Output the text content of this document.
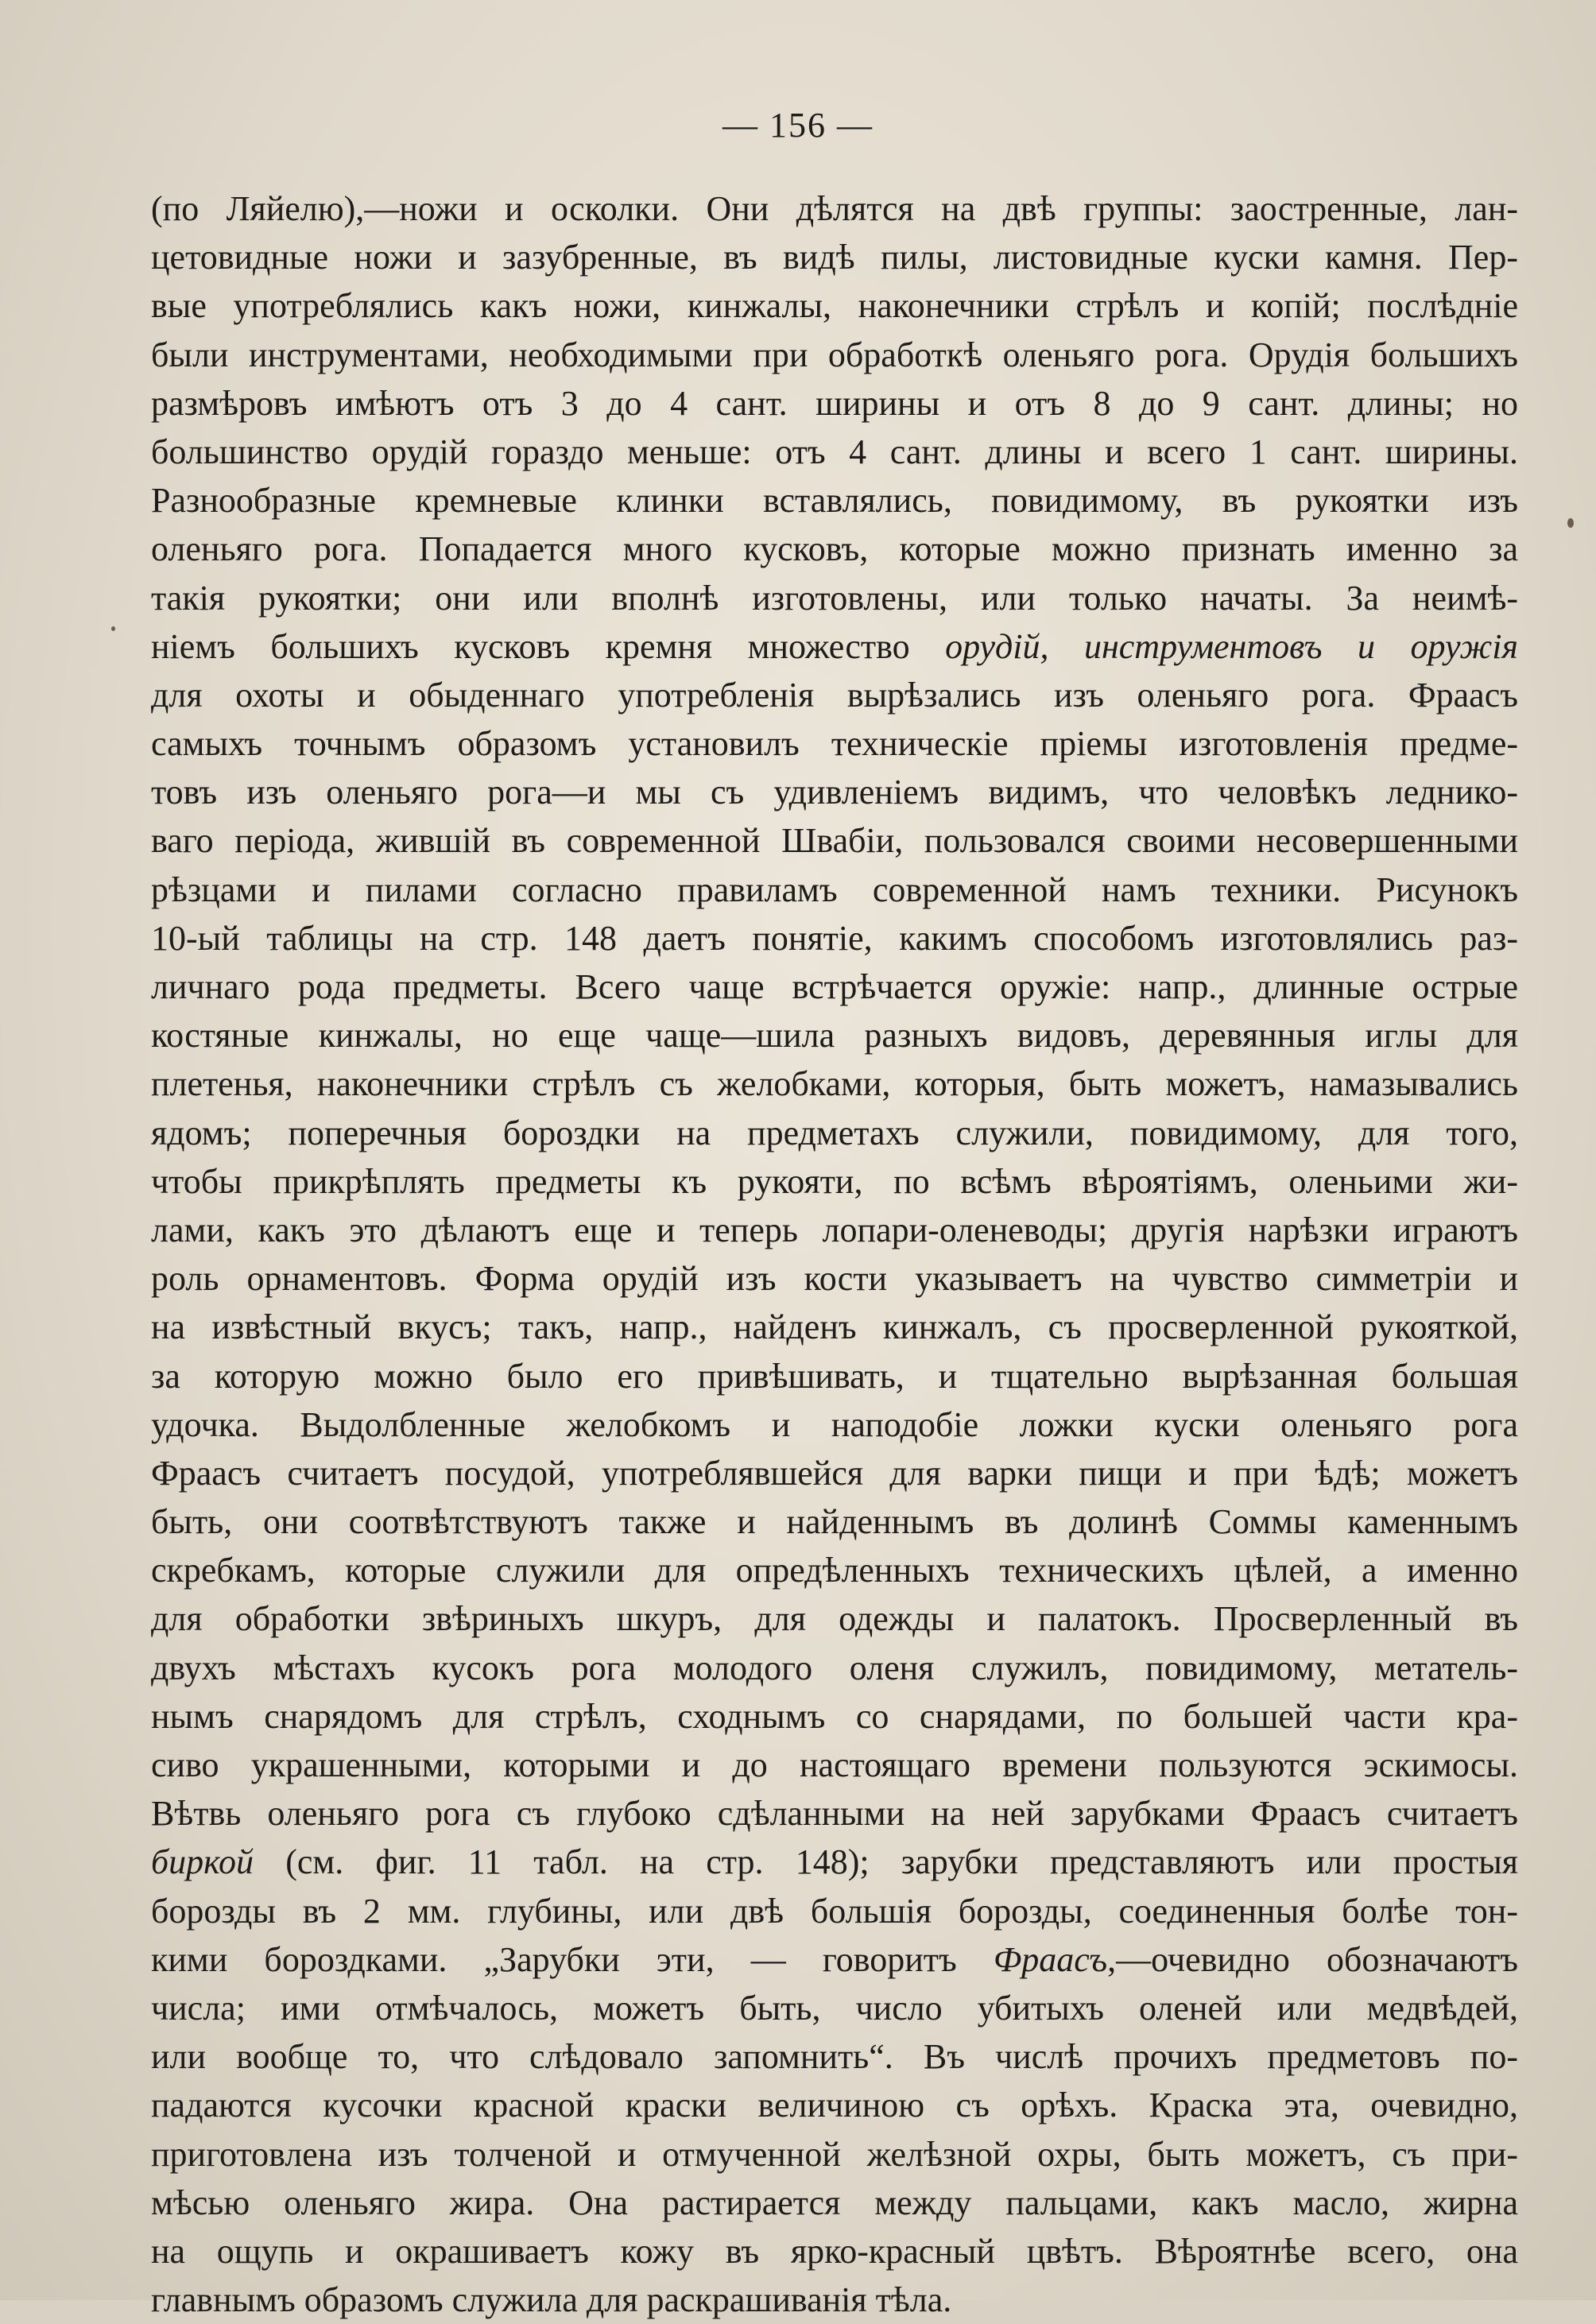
— 156 —
(по Ляйелю),—ножи и осколки. Они дѣлятся на двѣ группы: заостренные, лан-
цетовидные ножи и зазубренные, въ видѣ пилы, листовидные куски камня. Пер-
вые употреблялись какъ ножи, кинжалы, наконечники стрѣлъ и копій; послѣдніе
были инструментами, необходимыми при обработкѣ оленьяго рога. Орудія большихъ
размѣровъ имѣютъ отъ 3 до 4 сант. ширины и отъ 8 до 9 сант. длины; но
большинство орудій гораздо меньше: отъ 4 сант. длины и всего 1 сант. ширины.
Разнообразные кремневые клинки вставлялись, повидимому, въ рукоятки изъ
оленьяго рога. Попадается много кусковъ, которые можно признать именно за
такія рукоятки; они или вполнѣ изготовлены, или только начаты. За неимѣ-
ніемъ большихъ кусковъ кремня множество орудій, инструментовъ и оружія
для охоты и обыденнаго употребленія вырѣзались изъ оленьяго рога. Фраасъ
самыхъ точнымъ образомъ установилъ техническіе пріемы изготовленія предме-
товъ изъ оленьяго рога—и мы съ удивленіемъ видимъ, что человѣкъ леднико-
ваго періода, жившій въ современной Швабіи, пользовался своими несовершенными
рѣзцами и пилами согласно правиламъ современной намъ техники. Рисунокъ
10-ый таблицы на стр. 148 даетъ понятіе, какимъ способомъ изготовлялись раз-
личнаго рода предметы. Всего чаще встрѣчается оружіе: напр., длинные острые
костяные кинжалы, но еще чаще—шила разныхъ видовъ, деревянныя иглы для
плетенья, наконечники стрѣлъ съ желобками, которыя, быть можетъ, намазывались
ядомъ; поперечныя бороздки на предметахъ служили, повидимому, для того,
чтобы прикрѣплять предметы къ рукояти, по всѣмъ вѣроятіямъ, оленьими жи-
лами, какъ это дѣлаютъ еще и теперь лопари-оленеводы; другія нарѣзки играютъ
роль орнаментовъ. Форма орудій изъ кости указываетъ на чувство симметріи и
на извѣстный вкусъ; такъ, напр., найденъ кинжалъ, съ просверленной рукояткой,
за которую можно было его привѣшивать, и тщательно вырѣзанная большая
удочка. Выдолбленные желобкомъ и наподобіе ложки куски оленьяго рога
Фраасъ считаетъ посудой, употреблявшейся для варки пищи и при ѣдѣ; можетъ
быть, они соотвѣтствуютъ также и найденнымъ въ долинѣ Соммы каменнымъ
скребкамъ, которые служили для опредѣленныхъ техническихъ цѣлей, а именно
для обработки звѣриныхъ шкуръ, для одежды и палатокъ. Просверленный въ
двухъ мѣстахъ кусокъ рога молодого оленя служилъ, повидимому, метатель-
нымъ снарядомъ для стрѣлъ, сходнымъ со снарядами, по большей части кра-
сиво украшенными, которыми и до настоящаго времени пользуются эскимосы.
Вѣтвь оленьяго рога съ глубоко сдѣланными на ней зарубками Фраасъ считаетъ
биркой (см. фиг. 11 табл. на стр. 148); зарубки представляютъ или простыя
борозды въ 2 мм. глубины, или двѣ большія борозды, соединенныя болѣе тон-
кими бороздками. „Зарубки эти, — говоритъ Фраасъ,—очевидно обозначаютъ
числа; ими отмѣчалось, можетъ быть, число убитыхъ оленей или медвѣдей,
или вообще то, что слѣдовало запомнить“. Въ числѣ прочихъ предметовъ по-
падаются кусочки красной краски величиною съ орѣхъ. Краска эта, очевидно,
приготовлена изъ толченой и отмученной желѣзной охры, быть можетъ, съ при-
мѣсью оленьяго жира. Она растирается между пальцами, какъ масло, жирна
на ощупь и окрашиваетъ кожу въ ярко-красный цвѣтъ. Вѣроятнѣе всего, она
главнымъ образомъ служила для раскрашиванія тѣла.
